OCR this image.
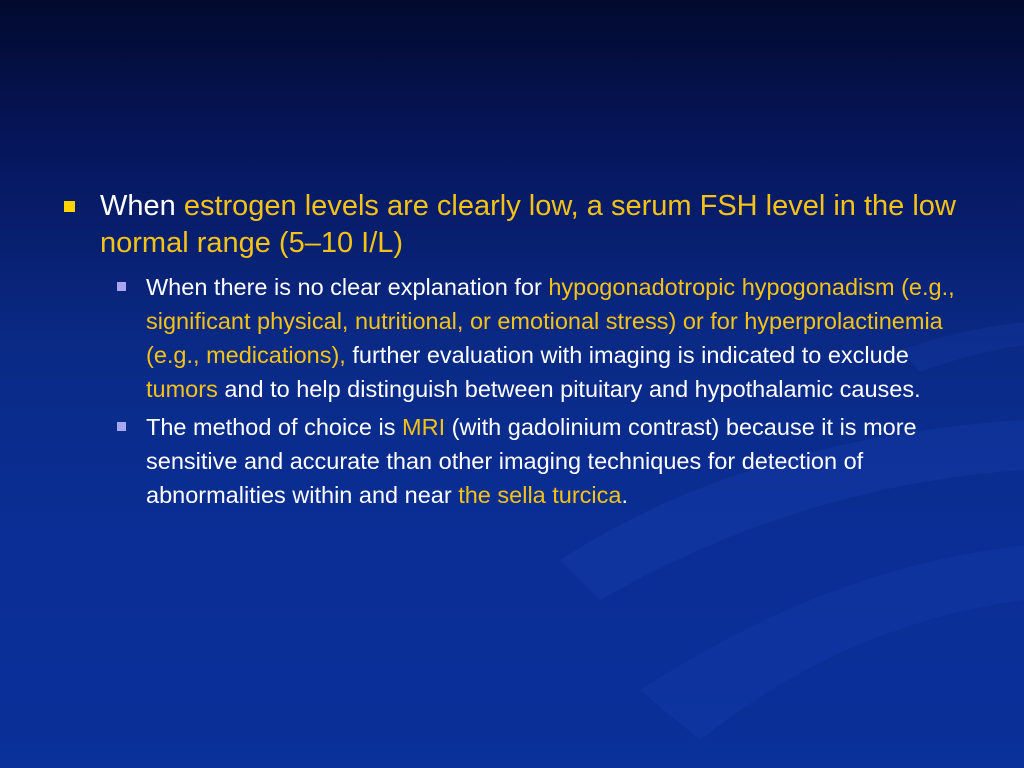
When estrogen levels are clearly low, a serum FSH level in the low normal range (5–10 I/L)
When there is no clear explanation for hypogonadotropic hypogonadism (e.g., significant physical, nutritional, or emotional stress) or for hyperprolactinemia (e.g., medications), further evaluation with imaging is indicated to exclude tumors and to help distinguish between pituitary and hypothalamic causes.
The method of choice is MRI (with gadolinium contrast) because it is more sensitive and accurate than other imaging techniques for detection of abnormalities within and near the sella turcica.
